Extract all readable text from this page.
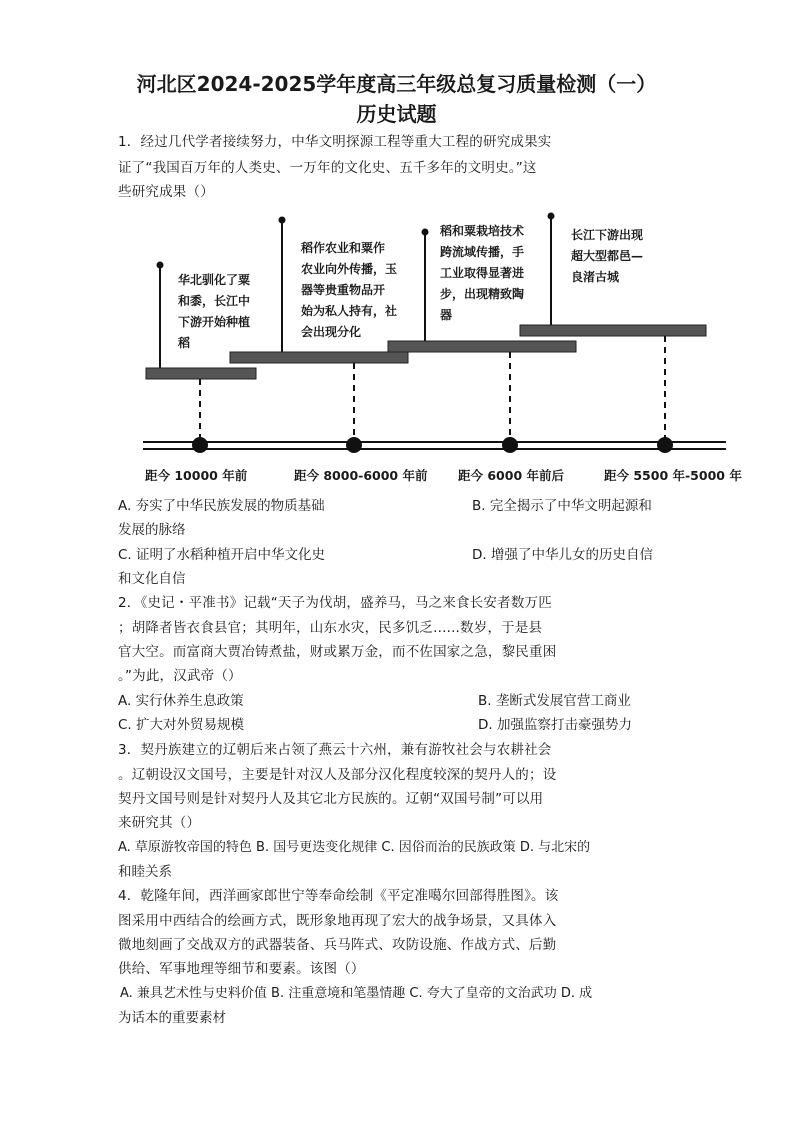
河北区2024-2025学年度高三年级总复习质量检测（一）
历史试题
1．经过几代学者接续努力，中华文明探源工程等重大工程的研究成果实
证了“我国百万年的人类史、一万年的文化史、五千多年的文明史。”这
些研究成果（）
华北驯化了粟
和黍，长江中
下游开始种植
稻
稻作农业和粟作
农业向外传播，玉
器等贵重物品开
始为私人持有，社
会出现分化
稻和粟栽培技术
跨流域传播，手
工业取得显著进
步，出现精致陶
器
长江下游出现
超大型都邑—
良渚古城
距今 10000 年前	距今 8000-6000 年前 距今 6000 年前后	距今 5500 年-5000 年
A. 夯实了中华民族发展的物质基础	B. 完全揭示了中华文明起源和
发展的脉络
C. 证明了水稻种植开启中华文化史	D. 增强了中华儿女的历史自信
和文化自信
2．《史记・平准书》记载“天子为伐胡，盛养马，马之来食长安者数万匹
；胡降者皆衣食县官；其明年，山东水灾，民多饥乏......数岁，于是县
官大空。而富商大贾冶铸煮盐，财或累万金，而不佐国家之急，黎民重困
。”为此，汉武帝（）
A. 实行休养生息政策	B. 垄断式发展官营工商业
C. 扩大对外贸易规模	D. 加强监察打击豪强势力
3．契丹族建立的辽朝后来占领了燕云十六州，兼有游牧社会与农耕社会
。辽朝设汉文国号，主要是针对汉人及部分汉化程度较深的契丹人的；设
契丹文国号则是针对契丹人及其它北方民族的。辽朝“双国号制”可以用
来研究其（）
A. 草原游牧帝国的特色 B. 国号更迭变化规律 C. 因俗而治的民族政策 D. 与北宋的
和睦关系
4．乾隆年间，西洋画家郎世宁等奉命绘制《平定准噶尔回部得胜图》。该
图采用中西结合的绘画方式，既形象地再现了宏大的战争场景，又具体入
微地刻画了交战双方的武器装备、兵马阵式、攻防设施、作战方式、后勤
供给、军事地理等细节和要素。该图（）
A. 兼具艺术性与史料价值 B. 注重意境和笔墨情趣 C. 夸大了皇帝的文治武功 D. 成
为话本的重要素材
